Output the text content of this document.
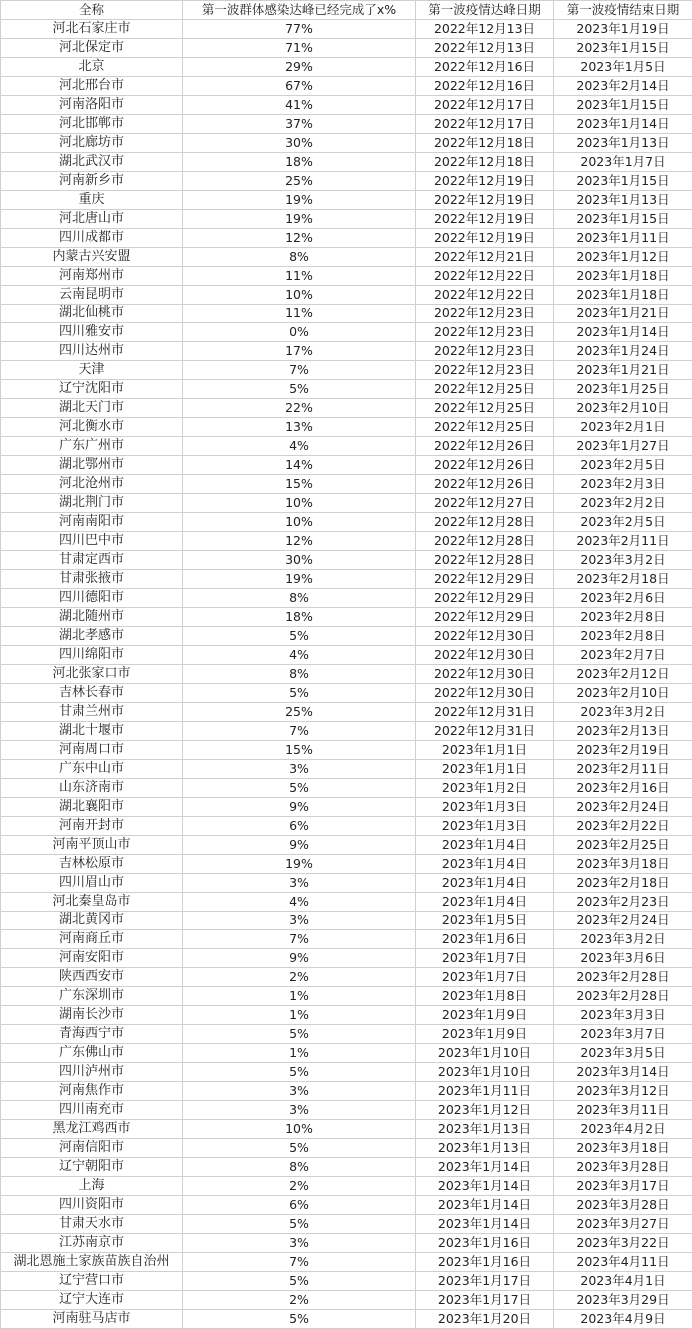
全称	第一波群体感染达峰已经完成了x%	第一波疫情达峰日期	第一波疫情结束日期
河北石家庄市	77%	2022年12月13日	2023年1月19日
河北保定市	71%	2022年12月13日	2023年1月15日
北京	29%	2022年12月16日	2023年1月5日
河北邢台市	67%	2022年12月16日	2023年2月14日
河南洛阳市	41%	2022年12月17日	2023年1月15日
河北邯郸市	37%	2022年12月17日	2023年1月14日
河北廊坊市	30%	2022年12月18日	2023年1月13日
湖北武汉市	18%	2022年12月18日	2023年1月7日
河南新乡市	25%	2022年12月19日	2023年1月15日
重庆	19%	2022年12月19日	2023年1月13日
河北唐山市	19%	2022年12月19日	2023年1月15日
四川成都市	12%	2022年12月19日	2023年1月11日
内蒙古兴安盟	8%	2022年12月21日	2023年1月12日
河南郑州市	11%	2022年12月22日	2023年1月18日
云南昆明市	10%	2022年12月22日	2023年1月18日
湖北仙桃市	11%	2022年12月23日	2023年1月21日
四川雅安市	0%	2022年12月23日	2023年1月14日
四川达州市	17%	2022年12月23日	2023年1月24日
天津	7%	2022年12月23日	2023年1月21日
辽宁沈阳市	5%	2022年12月25日	2023年1月25日
湖北天门市	22%	2022年12月25日	2023年2月10日
河北衡水市	13%	2022年12月25日	2023年2月1日
广东广州市	4%	2022年12月26日	2023年1月27日
湖北鄂州市	14%	2022年12月26日	2023年2月5日
河北沧州市	15%	2022年12月26日	2023年2月3日
湖北荆门市	10%	2022年12月27日	2023年2月2日
河南南阳市	10%	2022年12月28日	2023年2月5日
四川巴中市	12%	2022年12月28日	2023年2月11日
甘肃定西市	30%	2022年12月28日	2023年3月2日
甘肃张掖市	19%	2022年12月29日	2023年2月18日
四川德阳市	8%	2022年12月29日	2023年2月6日
湖北随州市	18%	2022年12月29日	2023年2月8日
湖北孝感市	5%	2022年12月30日	2023年2月8日
四川绵阳市	4%	2022年12月30日	2023年2月7日
河北张家口市	8%	2022年12月30日	2023年2月12日
吉林长春市	5%	2022年12月30日	2023年2月10日
甘肃兰州市	25%	2022年12月31日	2023年3月2日
湖北十堰市	7%	2022年12月31日	2023年2月13日
河南周口市	15%	2023年1月1日	2023年2月19日
广东中山市	3%	2023年1月1日	2023年2月11日
山东济南市	5%	2023年1月2日	2023年2月16日
湖北襄阳市	9%	2023年1月3日	2023年2月24日
河南开封市	6%	2023年1月3日	2023年2月22日
河南平顶山市	9%	2023年1月4日	2023年2月25日
吉林松原市	19%	2023年1月4日	2023年3月18日
四川眉山市	3%	2023年1月4日	2023年2月18日
河北秦皇岛市	4%	2023年1月4日	2023年2月23日
湖北黄冈市	3%	2023年1月5日	2023年2月24日
河南商丘市	7%	2023年1月6日	2023年3月2日
河南安阳市	9%	2023年1月7日	2023年3月6日
陕西西安市	2%	2023年1月7日	2023年2月28日
广东深圳市	1%	2023年1月8日	2023年2月28日
湖南长沙市	1%	2023年1月9日	2023年3月3日
青海西宁市	5%	2023年1月9日	2023年3月7日
广东佛山市	1%	2023年1月10日	2023年3月5日
四川泸州市	5%	2023年1月10日	2023年3月14日
河南焦作市	3%	2023年1月11日	2023年3月12日
四川南充市	3%	2023年1月12日	2023年3月11日
黑龙江鸡西市	10%	2023年1月13日	2023年4月2日
河南信阳市	5%	2023年1月13日	2023年3月18日
辽宁朝阳市	8%	2023年1月14日	2023年3月28日
上海	2%	2023年1月14日	2023年3月17日
四川资阳市	6%	2023年1月14日	2023年3月28日
甘肃天水市	5%	2023年1月14日	2023年3月27日
江苏南京市	3%	2023年1月16日	2023年3月22日
湖北恩施土家族苗族自治州	7%	2023年1月16日	2023年4月11日
辽宁营口市	5%	2023年1月17日	2023年4月1日
辽宁大连市	2%	2023年1月17日	2023年3月29日
河南驻马店市	5%	2023年1月20日	2023年4月9日
